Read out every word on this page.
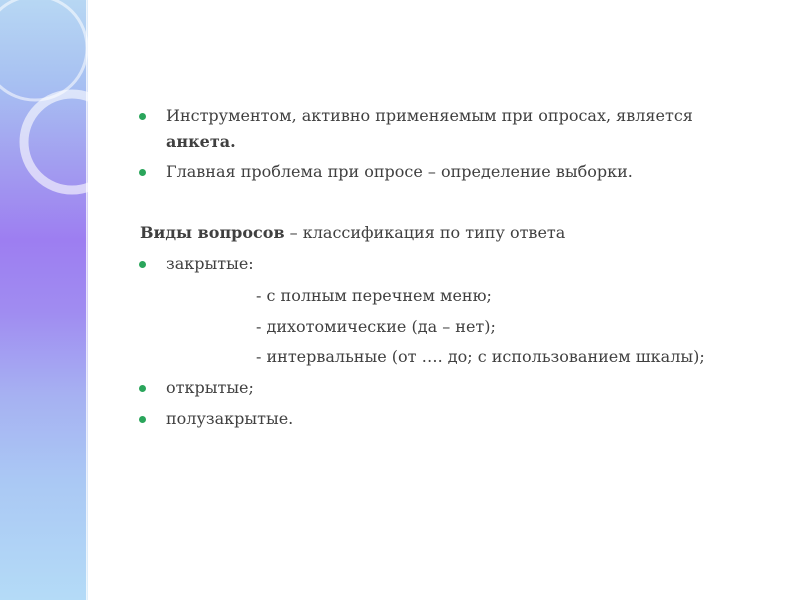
Инструментом, активно применяемым при опросах, является
анкета.
Главная проблема при опросе – определение выборки.
Виды вопросов – классификация по типу ответа
закрытые:
- с полным перечнем меню;
- дихотомические (да – нет);
- интервальные (от …. до; с использованием шкалы);
открытые;
полузакрытые.
